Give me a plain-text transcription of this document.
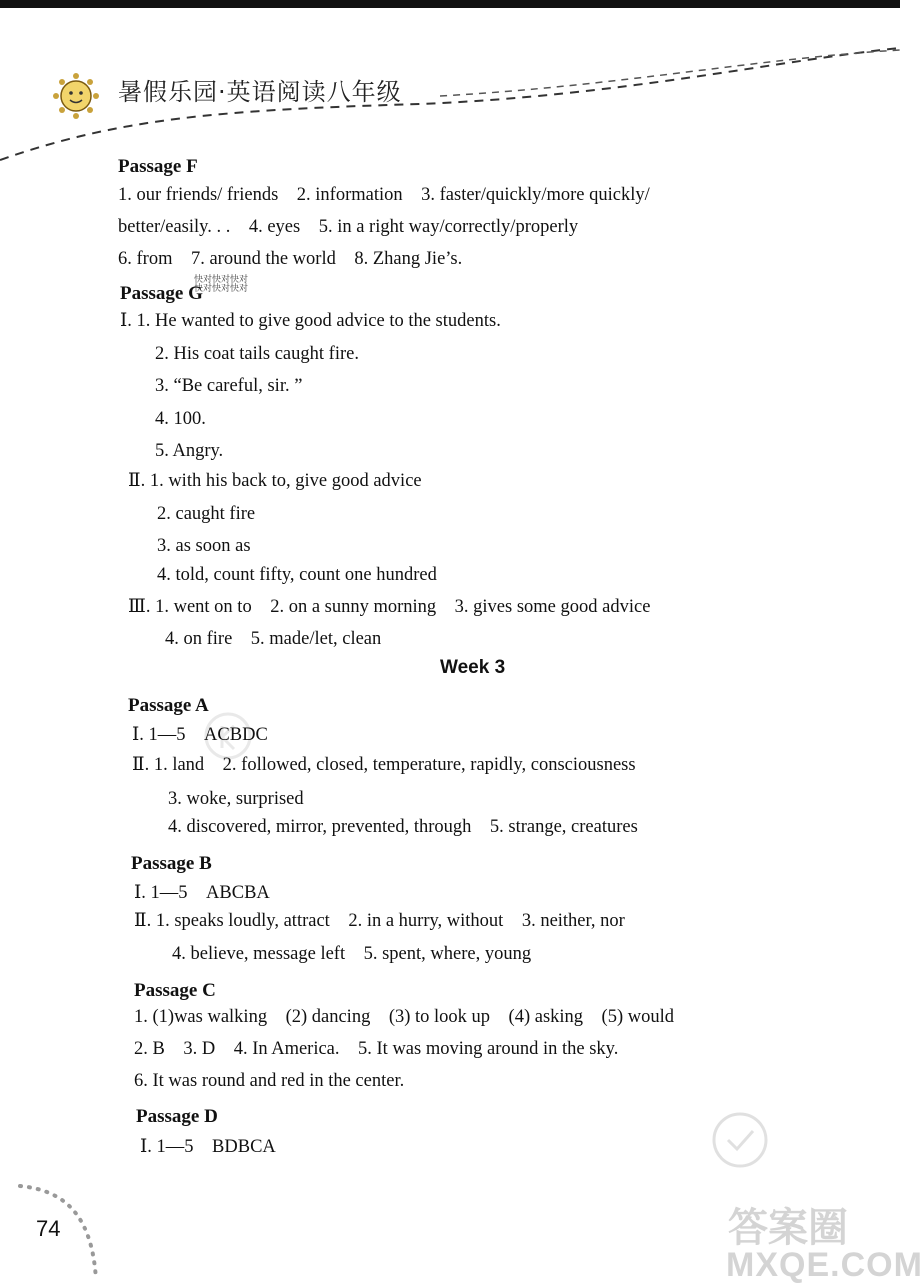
暑假乐园·英语阅读八年级
Passage F
1. our friends/ friends　2. information　3. faster/quickly/more quickly/
better/easily. . .　4. eyes　5. in a right way/correctly/properly
6. from　7. around the world　8. Zhang Jie’s.
快对快对快对
快对快对快对
Passage G
Ⅰ. 1. He wanted to give good advice to the students.
2. His coat tails caught fire.
3. “Be careful, sir. ”
4. 100.
5. Angry.
Ⅱ. 1. with his back to, give good advice
2. caught fire
3. as soon as
4. told, count fifty, count one hundred
Ⅲ. 1. went on to　2. on a sunny morning　3. gives some good advice
4. on fire　5. made/let, clean
Week 3
Passage A
Ⅰ. 1—5　ACBDC
Ⅱ. 1. land　2. followed, closed, temperature, rapidly, consciousness
3. woke, surprised
4. discovered, mirror, prevented, through　5. strange, creatures
Passage B
Ⅰ. 1—5　ABCBA
Ⅱ. 1. speaks loudly, attract　2. in a hurry, without　3. neither, nor
4. believe, message left　5. spent, where, young
Passage C
1. (1)was walking　(2) dancing　(3) to look up　(4) asking　(5) would
2. B　3. D　4. In America.　5. It was moving around in the sky.
6. It was round and red in the center.
Passage D
Ⅰ. 1—5　BDBCA
74	答案圈
MXQE.COM
